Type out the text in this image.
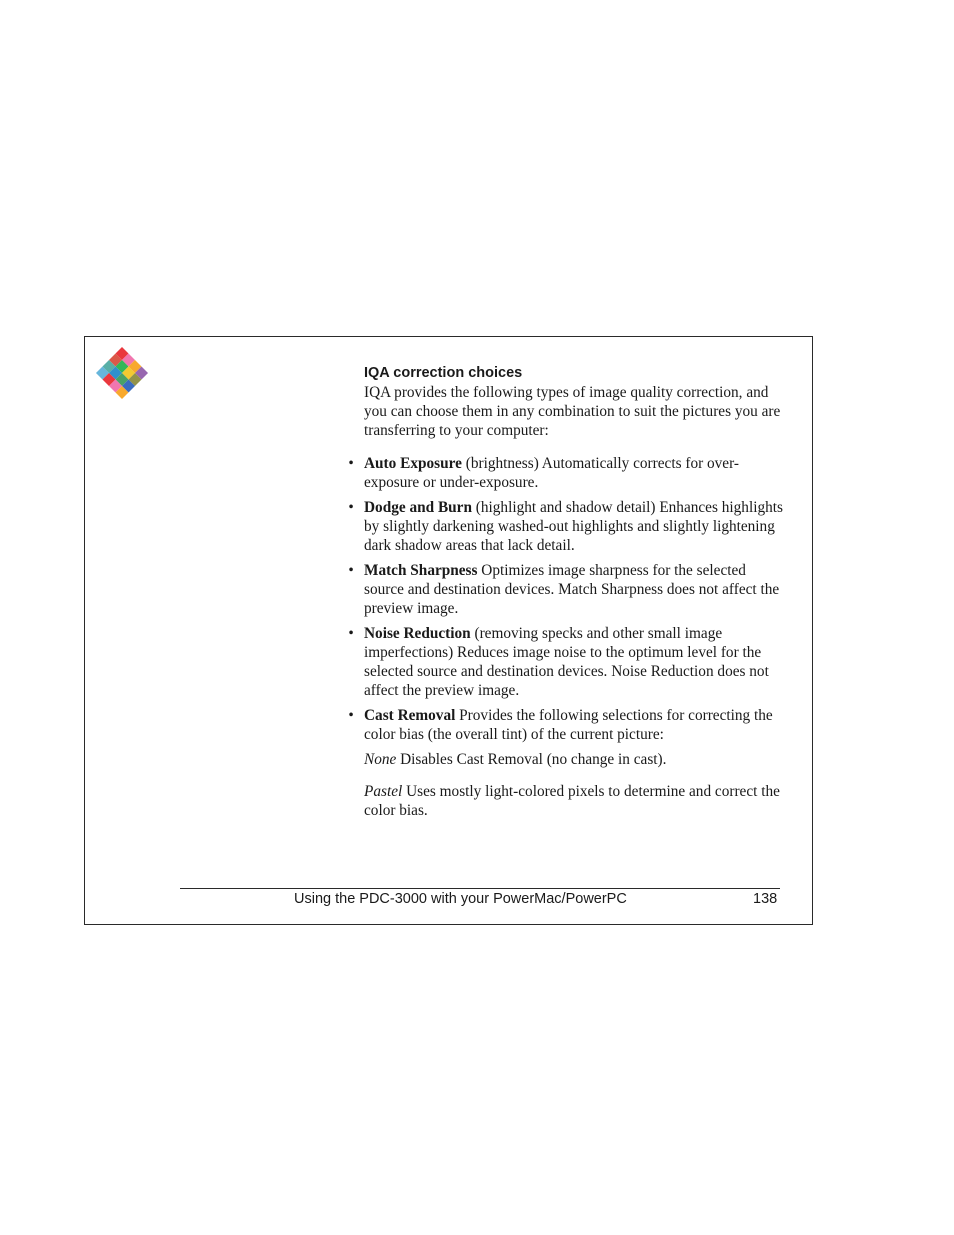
IQA correction choices

IQA provides the following types of image quality correction, and you can choose them in any combination to suit the pictures you are transferring to your computer:

• Auto Exposure (brightness) Automatically corrects for over-exposure or under-exposure.
• Dodge and Burn (highlight and shadow detail) Enhances highlights by slightly darkening washed-out highlights and slightly lightening dark shadow areas that lack detail.
• Match Sharpness Optimizes image sharpness for the selected source and destination devices. Match Sharpness does not affect the preview image.
• Noise Reduction (removing specks and other small image imperfections) Reduces image noise to the optimum level for the selected source and destination devices. Noise Reduction does not affect the preview image.
• Cast Removal Provides the following selections for correcting the color bias (the overall tint) of the current picture:
None Disables Cast Removal (no change in cast).
Pastel Uses mostly light-colored pixels to determine and correct the color bias.
Using the PDC-3000 with your PowerMac/PowerPC	138
